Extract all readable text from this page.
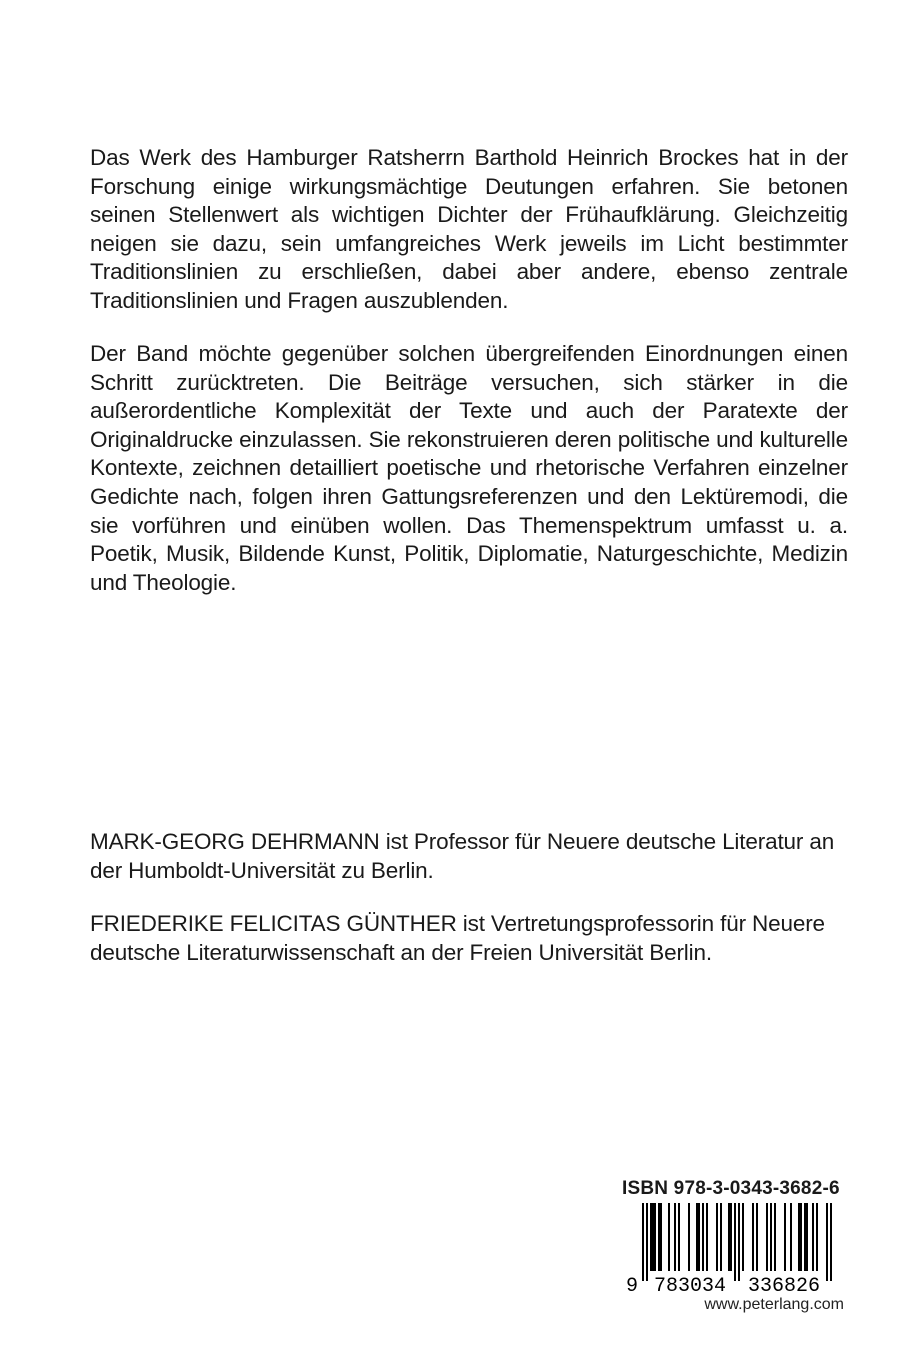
Das Werk des Hamburger Ratsherrn Barthold Heinrich Brockes hat in der Forschung einige wirkungsmächtige Deutungen erfahren. Sie betonen seinen Stellenwert als wichtigen Dichter der Frühaufklärung. Gleichzeitig neigen sie dazu, sein umfangreiches Werk jeweils im Licht bestimmter Traditionslinien zu erschließen, dabei aber andere, ebenso zentrale Traditionslinien und Fragen auszublenden.

Der Band möchte gegenüber solchen übergreifenden Einordnungen einen Schritt zurücktreten. Die Beiträge versuchen, sich stärker in die außerordentliche Komplexität der Texte und auch der Paratexte der Originaldrucke einzulassen. Sie rekonstruieren deren politische und kulturelle Kontexte, zeichnen detailliert poetische und rhetorische Verfahren einzelner Gedichte nach, folgen ihren Gattungsreferenzen und den Lektüremodi, die sie vorführen und einüben wollen. Das Themenspektrum umfasst u. a. Poetik, Musik, Bildende Kunst, Politik, Diplomatie, Naturgeschichte, Medizin und Theologie.

MARK-GEORG DEHRMANN ist Professor für Neuere deutsche Literatur an der Humboldt-Universität zu Berlin.

FRIEDERIKE FELICITAS GÜNTHER ist Vertretungsprofessorin für Neuere deutsche Literaturwissenschaft an der Freien Universität Berlin.

ISBN 978-3-0343-3682-6
9 783034 336826
www.peterlang.com
